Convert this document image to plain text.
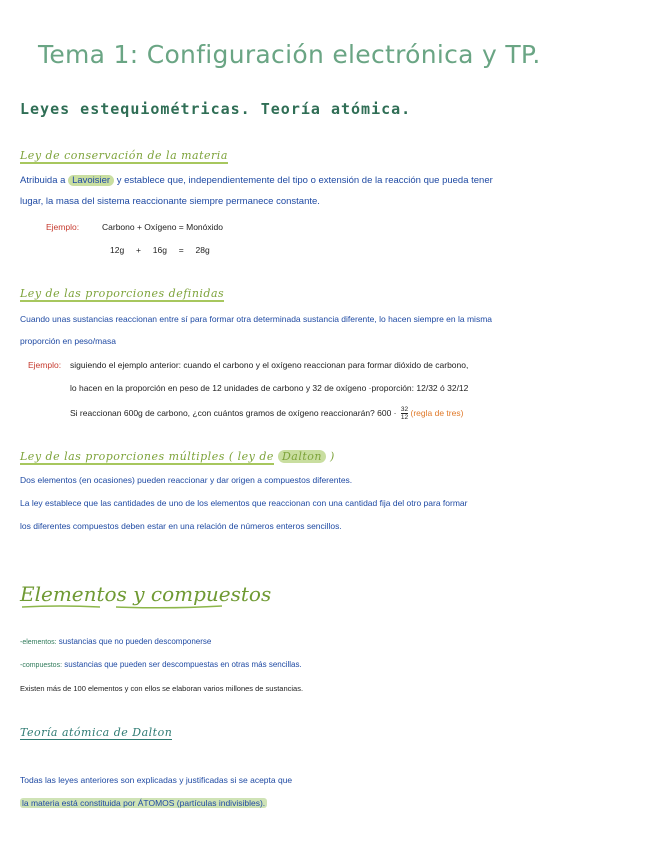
Tema 1: Configuración electrónica y TP.
Leyes estequiométricas. Teoría atómica.
Ley de conservación de la materia
Atribuida a Lavoisier y establece que, independientemente del tipo o extensión de la reacción que pueda tener
lugar, la masa del sistema reaccionante siempre permanece constante.
Ejemplo:	Carbono + Oxígeno = Monóxido
12g     +     16g     =     28g
Ley de las proporciones definidas
Cuando unas sustancias reaccionan entre sí para formar otra determinada sustancia diferente, lo hacen siempre en la misma
proporción en peso/masa
Ejemplo: siguiendo el ejemplo anterior: cuando el carbono y el oxígeno reaccionan para formar dióxido de carbono,
lo hacen en la proporción en peso de 12 unidades de carbono y 32 de oxígeno ·proporción: 12/32 ó 32/12
Si reaccionan 600g de carbono, ¿con cuántos gramos de oxígeno reaccionarán? $600 \cdot \frac{32}{12}$ (regla de tres)
Ley de las proporciones múltiples ( ley de Dalton )
Dos elementos (en ocasiones) pueden reaccionar y dar origen a compuestos diferentes.
La ley establece que las cantidades de uno de los elementos que reaccionan con una cantidad fija del otro para formar
los diferentes compuestos deben estar en una relación de números enteros sencillos.
Elementos y compuestos
-elementos: sustancias que no pueden descomponerse
-compuestos: sustancias que pueden ser descompuestas en otras más sencillas.
Existen más de 100 elementos y con ellos se elaboran varios millones de sustancias.
Teoría atómica de Dalton
Todas las leyes anteriores son explicadas y justificadas si se acepta que
la materia está constituida por ÁTOMOS (partículas indivisibles).
